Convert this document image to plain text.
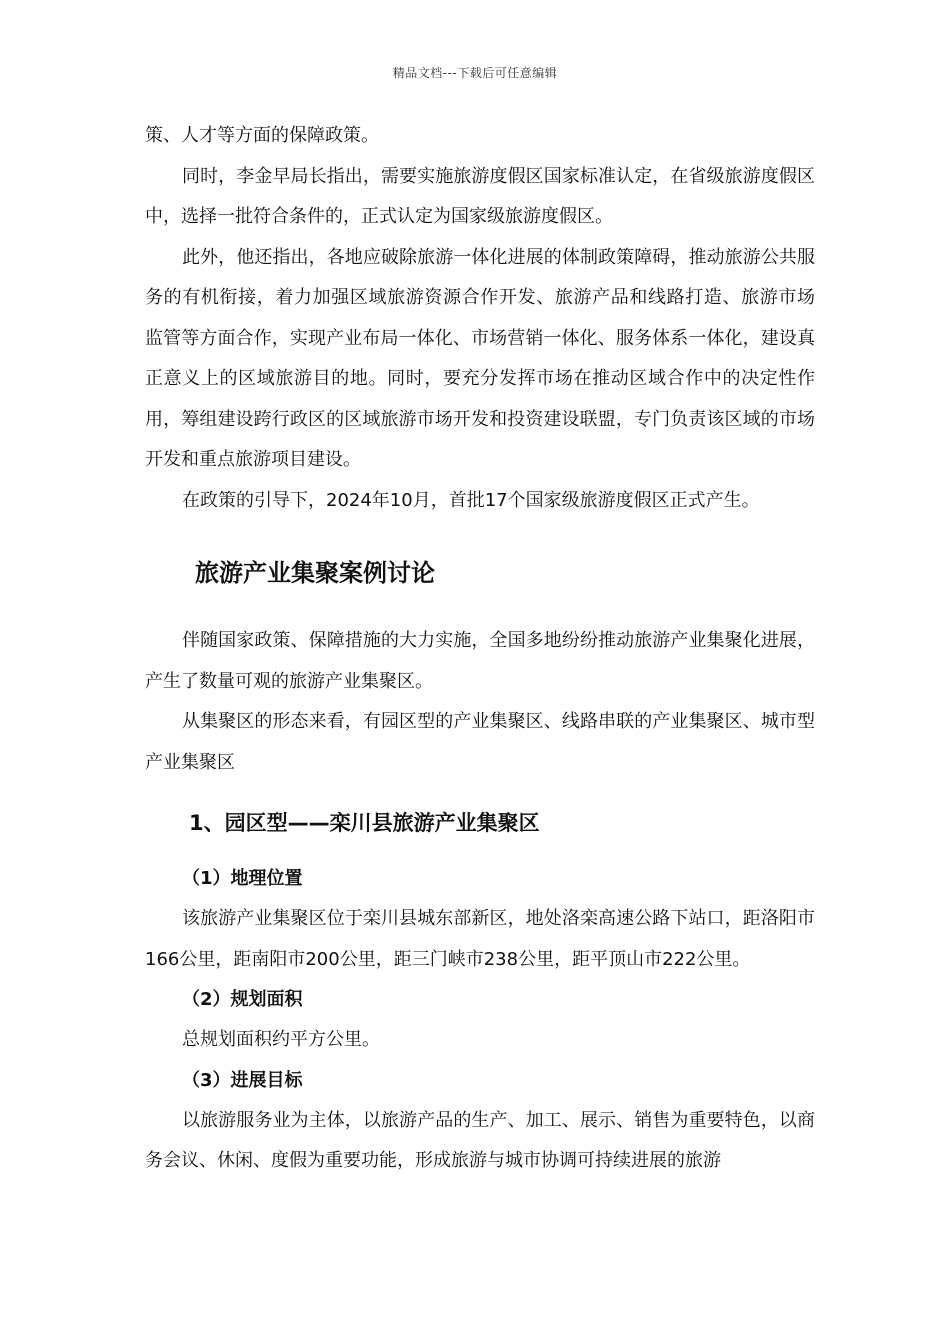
精品文档---下载后可任意编辑

策、人才等方面的保障政策。

同时，李金早局长指出，需要实施旅游度假区国家标准认定，在省级旅游度假区中，选择一批符合条件的，正式认定为国家级旅游度假区。

此外，他还指出，各地应破除旅游一体化进展的体制政策障碍，推动旅游公共服务的有机衔接，着力加强区域旅游资源合作开发、旅游产品和线路打造、旅游市场 监管等方面合作，实现产业布局一体化、市场营销一体化、服务体系一体化，建设真正意义上的区域旅游目的地。同时，要充分发挥市场在推动区域合作中的决定性作用，筹组建设跨行政区的区域旅游市场开发和投资建设联盟，专门负责该区域的市场开发和重点旅游项目建设。

在政策的引导下，2024年10月，首批17个国家级旅游度假区正式产生。

旅游产业集聚案例讨论

伴随国家政策、保障措施的大力实施，全国多地纷纷推动旅游产业集聚化进展，产生了数量可观的旅游产业集聚区。

从集聚区的形态来看，有园区型的产业集聚区、线路串联的产业集聚区、城市型产业集聚区

1、园区型——栾川县旅游产业集聚区
（1）地理位置

该旅游产业集聚区位于栾川县城东部新区，地处洛栾高速公路下站口，距洛阳市166公里，距南阳市200公里，距三门峡市238公里，距平顶山市222公里。

（2）规划面积

总规划面积约平方公里。

（3）进展目标

以旅游服务业为主体，以旅游产品的生产、加工、展示、销售为重要特色，以商务会议、休闲、度假为重要功能，形成旅游与城市协调可持续进展的旅游
